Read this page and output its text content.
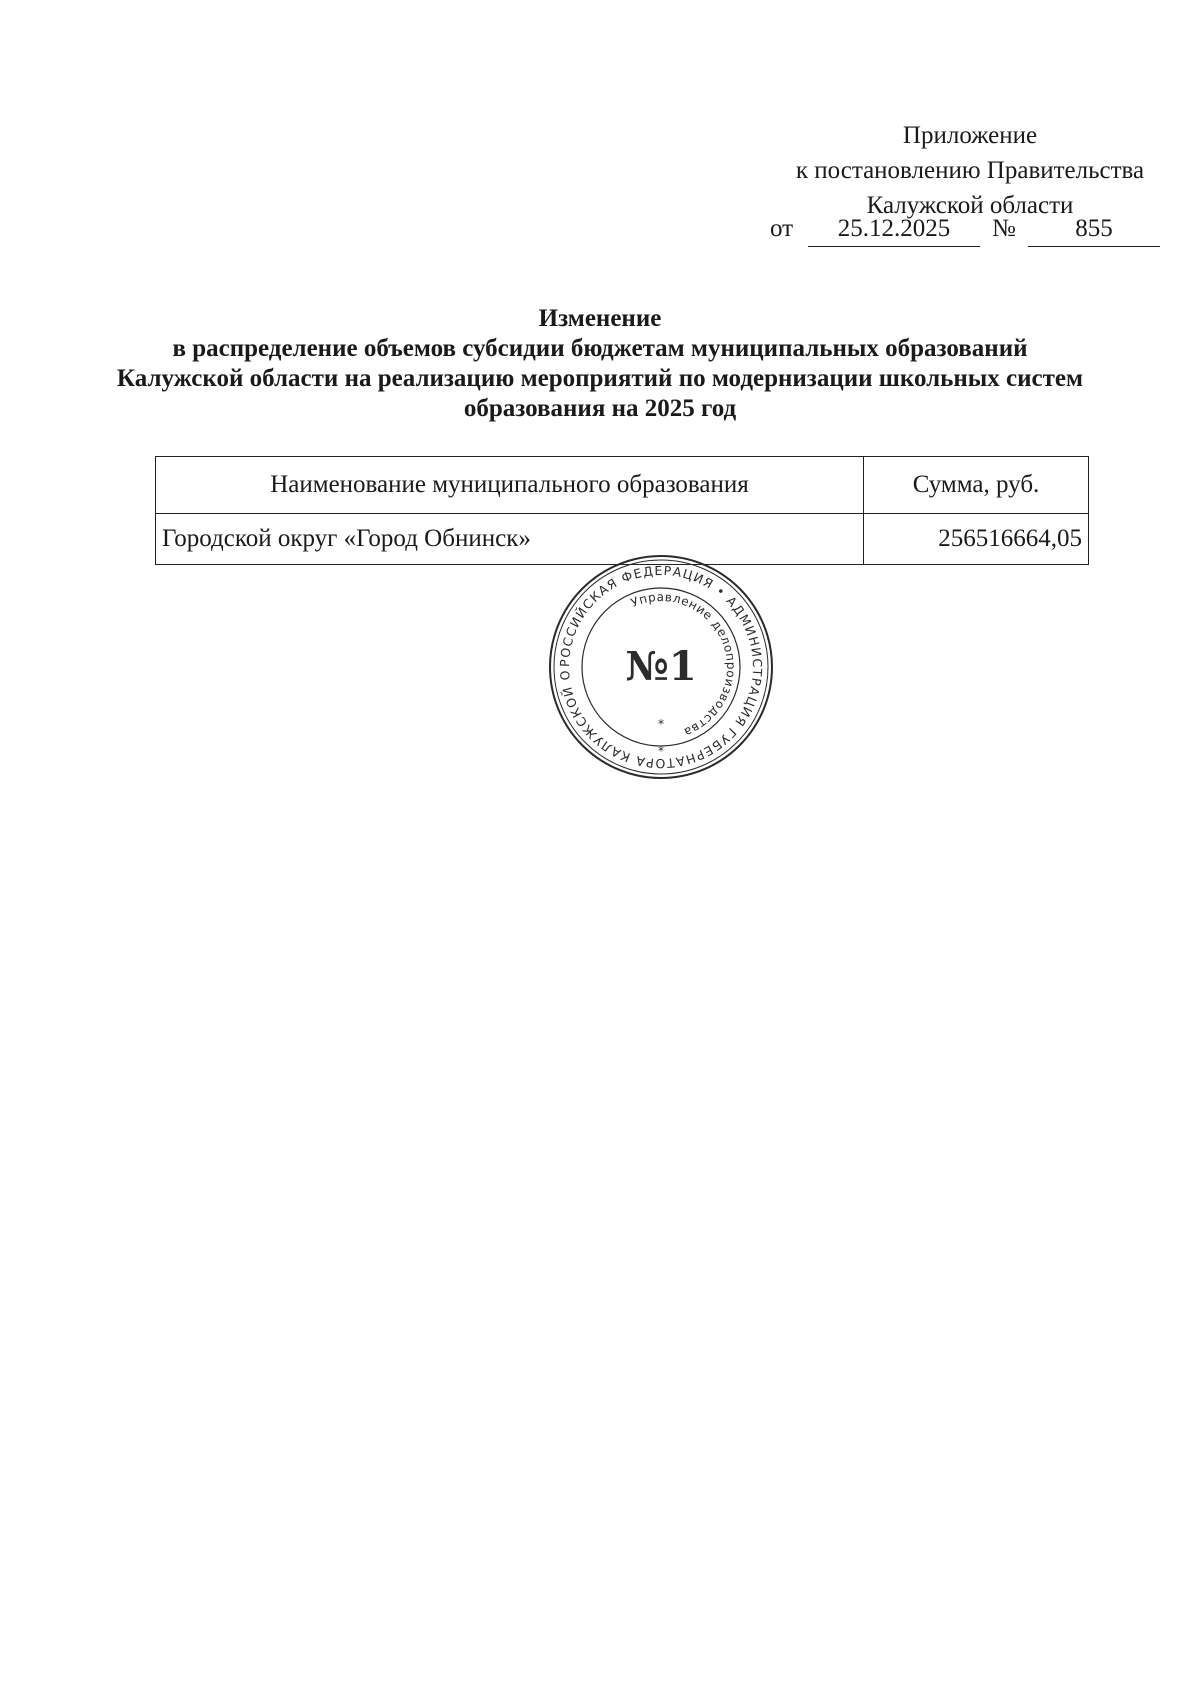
Приложение
к постановлению Правительства
Калужской области
от	25.12.2025	№	855
Изменение
в распределение объемов субсидии бюджетам муниципальных образований
Калужской области на реализацию мероприятий по модернизации школьных систем
образования на 2025 год
Наименование муниципального образования	Сумма, руб.
Городской округ «Город Обнинск»	256516664,05
РОССИЙСКАЯ ФЕДЕРАЦИЯ • АДМИНИСТРАЦИЯ ГУБЕРНАТОРА КАЛУЖСКОЙ О
Управление делопроизводства
№1
*
*
